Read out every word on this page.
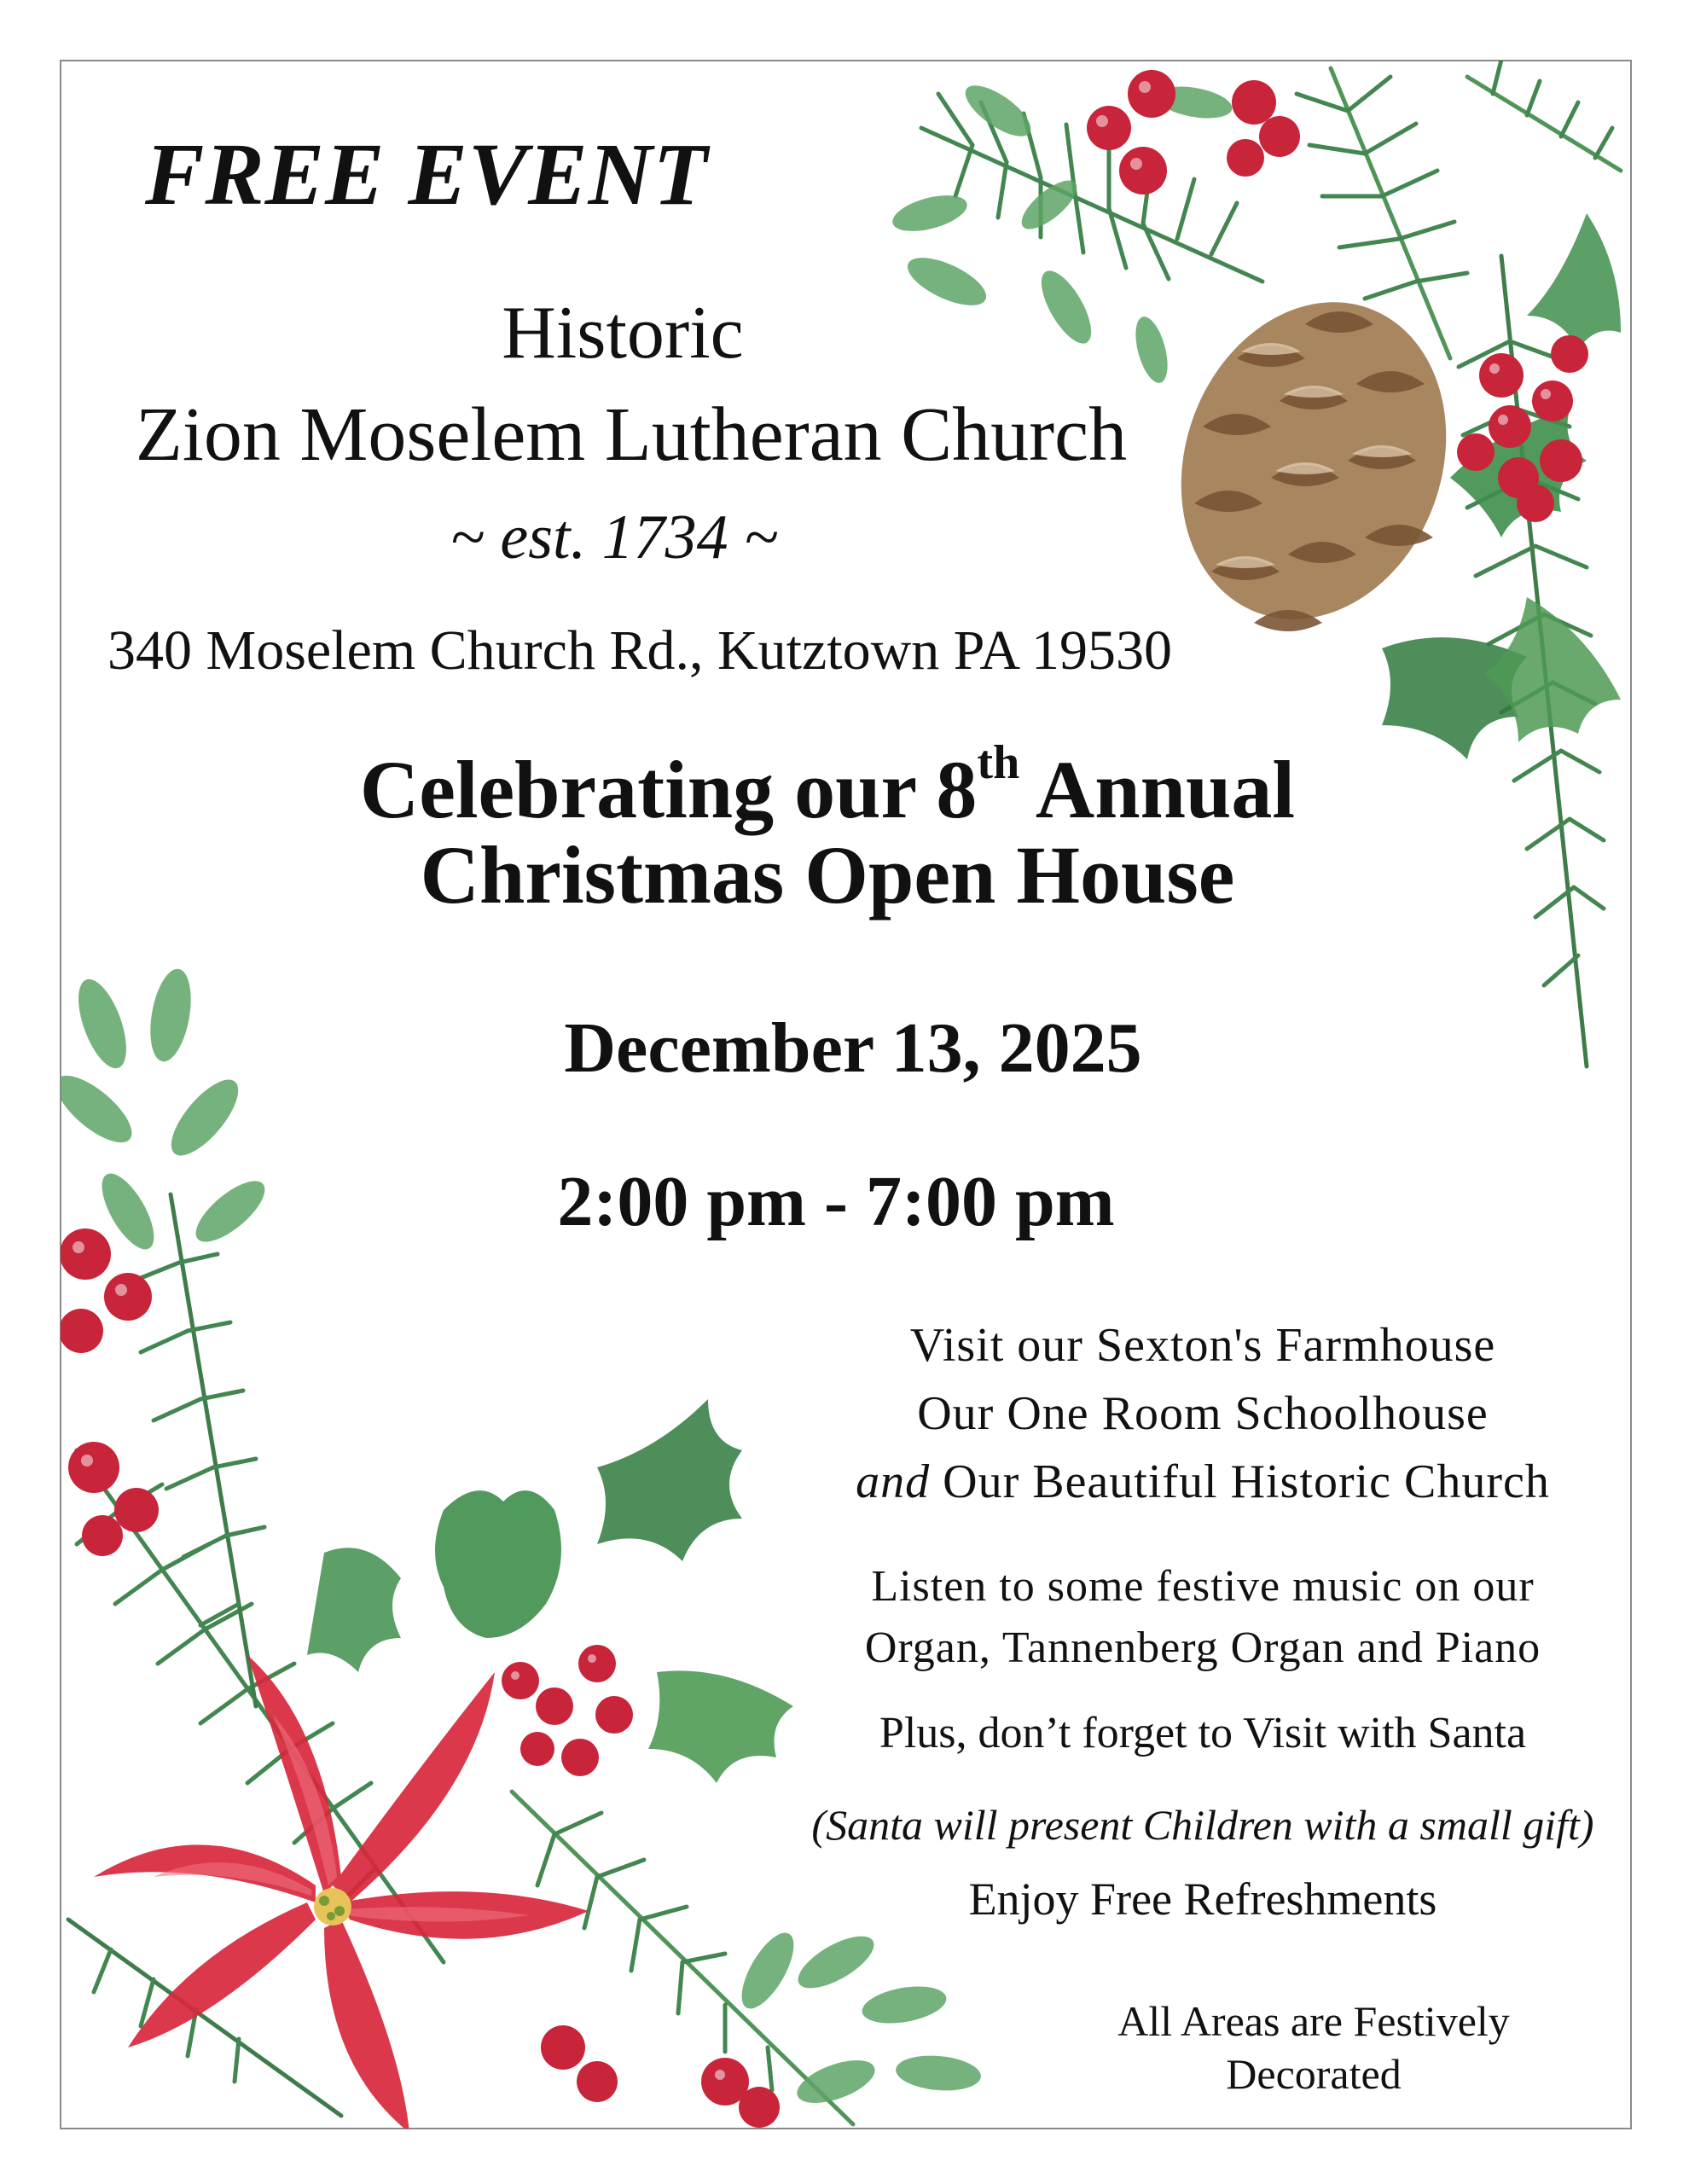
FREE EVENT
Historic
Zion Moselem Lutheran Church
~ est. 1734 ~
340 Moselem Church Rd., Kutztown PA 19530
Celebrating our 8th Annual
Christmas Open House
December 13, 2025
2:00 pm - 7:00 pm
Visit our Sexton's Farmhouse
Our One Room Schoolhouse
and Our Beautiful Historic Church
Listen to some festive music on our
Organ, Tannenberg Organ and Piano
Plus, don’t forget to Visit with Santa
(Santa will present Children with a small gift)
Enjoy Free Refreshments
All Areas are Festively
Decorated
